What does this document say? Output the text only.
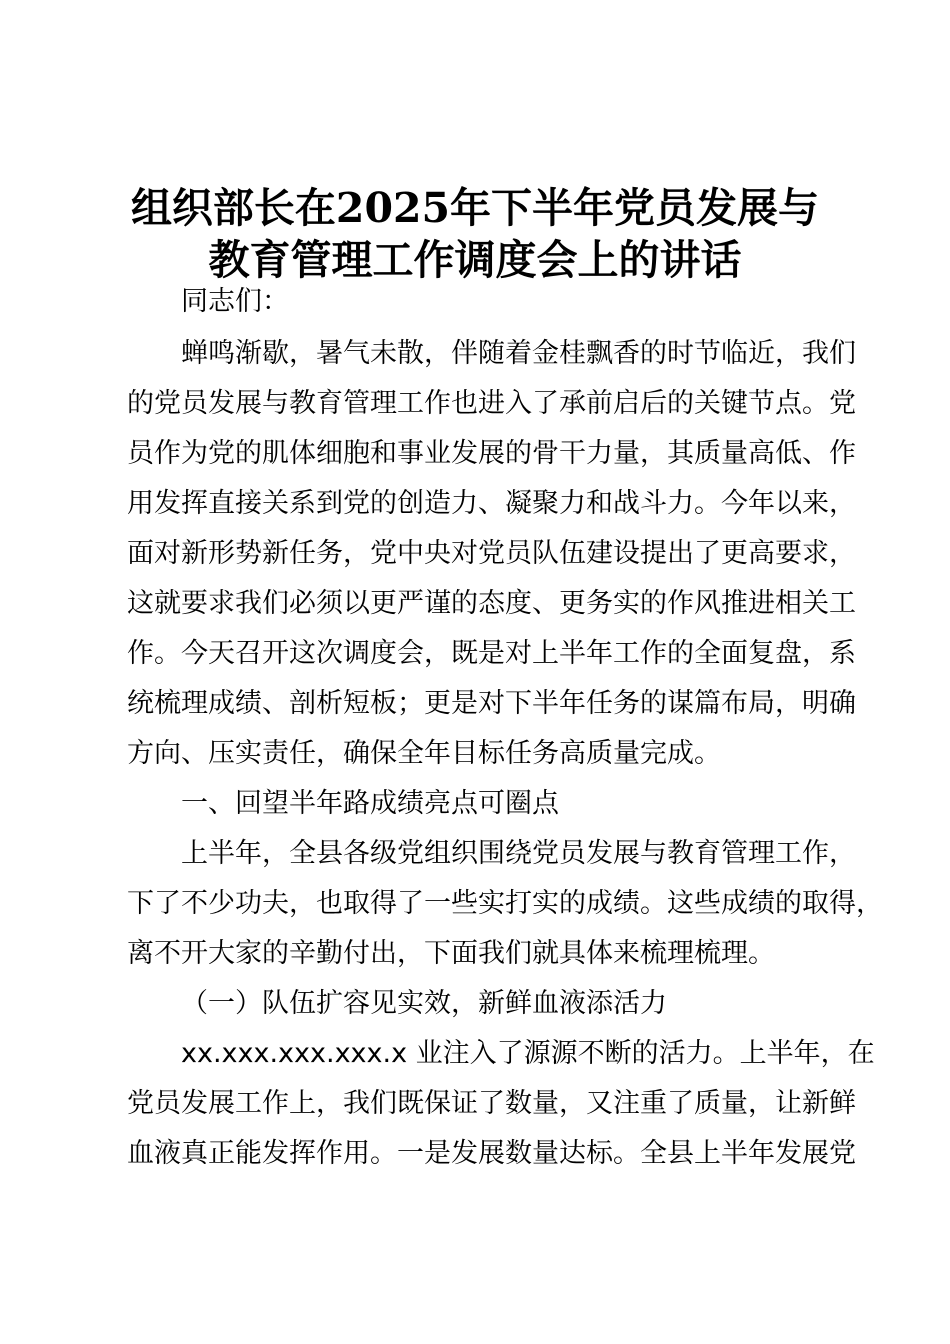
组织部长在2025年下半年党员发展与
教育管理工作调度会上的讲话
同志们：
蝉鸣渐歇，暑气未散，伴随着金桂飘香的时节临近，我们
的党员发展与教育管理工作也进入了承前启后的关键节点。党
员作为党的肌体细胞和事业发展的骨干力量，其质量高低、作
用发挥直接关系到党的创造力、凝聚力和战斗力。今年以来，
面对新形势新任务，党中央对党员队伍建设提出了更高要求，
这就要求我们必须以更严谨的态度、更务实的作风推进相关工
作。今天召开这次调度会，既是对上半年工作的全面复盘，系
统梳理成绩、剖析短板；更是对下半年任务的谋篇布局，明确
方向、压实责任，确保全年目标任务高质量完成。
一、回望半年路成绩亮点可圈点
上半年，全县各级党组织围绕党员发展与教育管理工作，
下了不少功夫，也取得了一些实打实的成绩。这些成绩的取得，
离不开大家的辛勤付出，下面我们就具体来梳理梳理。
（一）队伍扩容见实效，新鲜血液添活力
xx.xxx.xxx.xxx.x 业注入了源源不断的活力。上半年，在
党员发展工作上，我们既保证了数量，又注重了质量，让新鲜
血液真正能发挥作用。一是发展数量达标。全县上半年发展党
